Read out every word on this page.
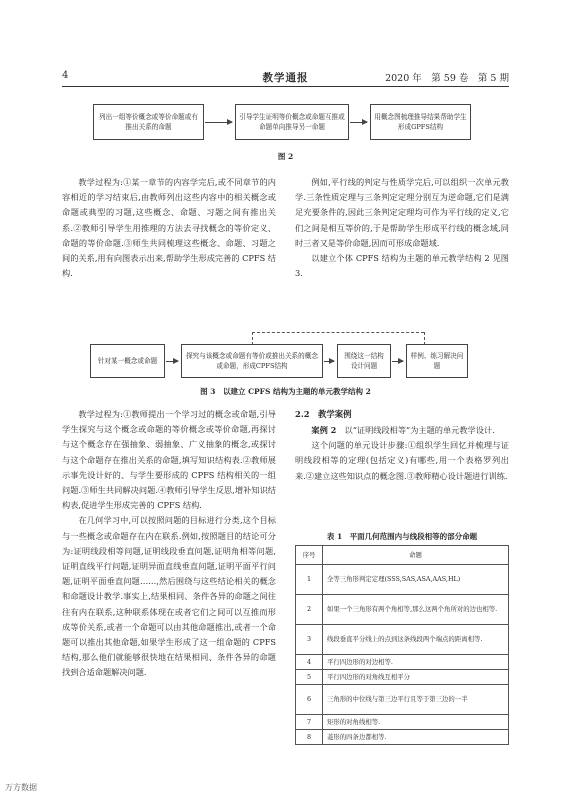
4	教学通报	2020 年　第 59 卷　第 5 期
列出一组等价概念或等价命题或有推出关系的命题
引导学生证明等价概念或命题互推或命题单向推导另一命题
用概念图梳理推导结果帮助学生形成GPFS结构
图 2

教学过程为:①某一章节的内容学完后,或不同章节的内容相近的学习结束后,由教师列出这些内容中的相关概念或命题或典型的习题,这些概念、命题、习题之间有推出关系.②教师引导学生用推理的方法去寻找概念的等价定义、命题的等价命题.③师生共同梳理这些概念、命题、习题之间的关系,用有向图表示出来,帮助学生形成完善的 CPFS 结构.

例如,平行线的判定与性质学完后,可以组织一次单元教学.三条性质定理与三条判定定理分别互为逆命题,它们是满足充要条件的,因此三条判定定理均可作为平行线的定义,它们之间是相互等价的,于是帮助学生形成平行线的概念域,同时三者又是等价命题,因而可形成命题域.

以建立个体 CPFS 结构为主题的单元教学结构 2 见图 3.

针对某一概念或命题
探究与该概念或命题有等价或推出关系的概念或命题，形成CPFS结构
围绕这一结构设计问题
样例、练习解决问题
图 3　以建立 CPFS 结构为主题的单元教学结构 2

教学过程为:①教师提出一个学习过的概念或命题,引导学生探究与这个概念或命题的等价概念或等价命题,再探讨与这个概念存在强抽象、弱抽象、广义抽象的概念,或探讨与这个命题存在推出关系的命题,填写知识结构表.②教师展示事先设计好的、与学生要形成的 CPFS 结构相关的一组问题.③师生共同解决问题.④教师引导学生反思,增补知识结构表,促进学生形成完善的 CPFS 结构.

在几何学习中,可以按照问题的目标进行分类,这个目标与一些概念或命题存在内在联系.例如,按照题目的结论可分为:证明线段相等问题,证明线段垂直问题,证明角相等问题,证明直线平行问题,证明异面直线垂直问题,证明平面平行问题,证明平面垂直问题……,然后围绕与这些结论相关的概念和命题设计教学.事实上,结果相同、条件各异的命题之间往往有内在联系,这种联系体现在或者它们之间可以互推而形成等价关系,或者一个命题可以由其他命题推出,或者一个命题可以推出其他命题,如果学生形成了这一组命题的 CPFS 结构,那么他们就能够很快地在结果相同、条件各异的命题找到合适命题解决问题.

2.2　教学案例

案例 2　以“证明线段相等”为主题的单元教学设计.

这个问题的单元设计步骤:①组织学生回忆并梳理与证明线段相等的定理(包括定义)有哪些,用一个表格罗列出来.②建立这些知识点的概念图.③教师精心设计题进行训练.

表 1　平面几何范围内与线段相等的部分命题
序号	命题
1	全等三角形判定定理(SSS,SAS,ASA,AAS,HL)
2	如果一个三角形有两个角相等,那么这两个角所对的边也相等.
3	线段垂直平分线上的点到这条线段两个端点的距离相等.
4	平行四边形的对边相等.
5	平行四边形的对角线互相平分
6	三角形的中位线与第三边平行且等于第三边的一半
7	矩形的对角线相等.
8	菱形的四条边都相等.
万方数据
